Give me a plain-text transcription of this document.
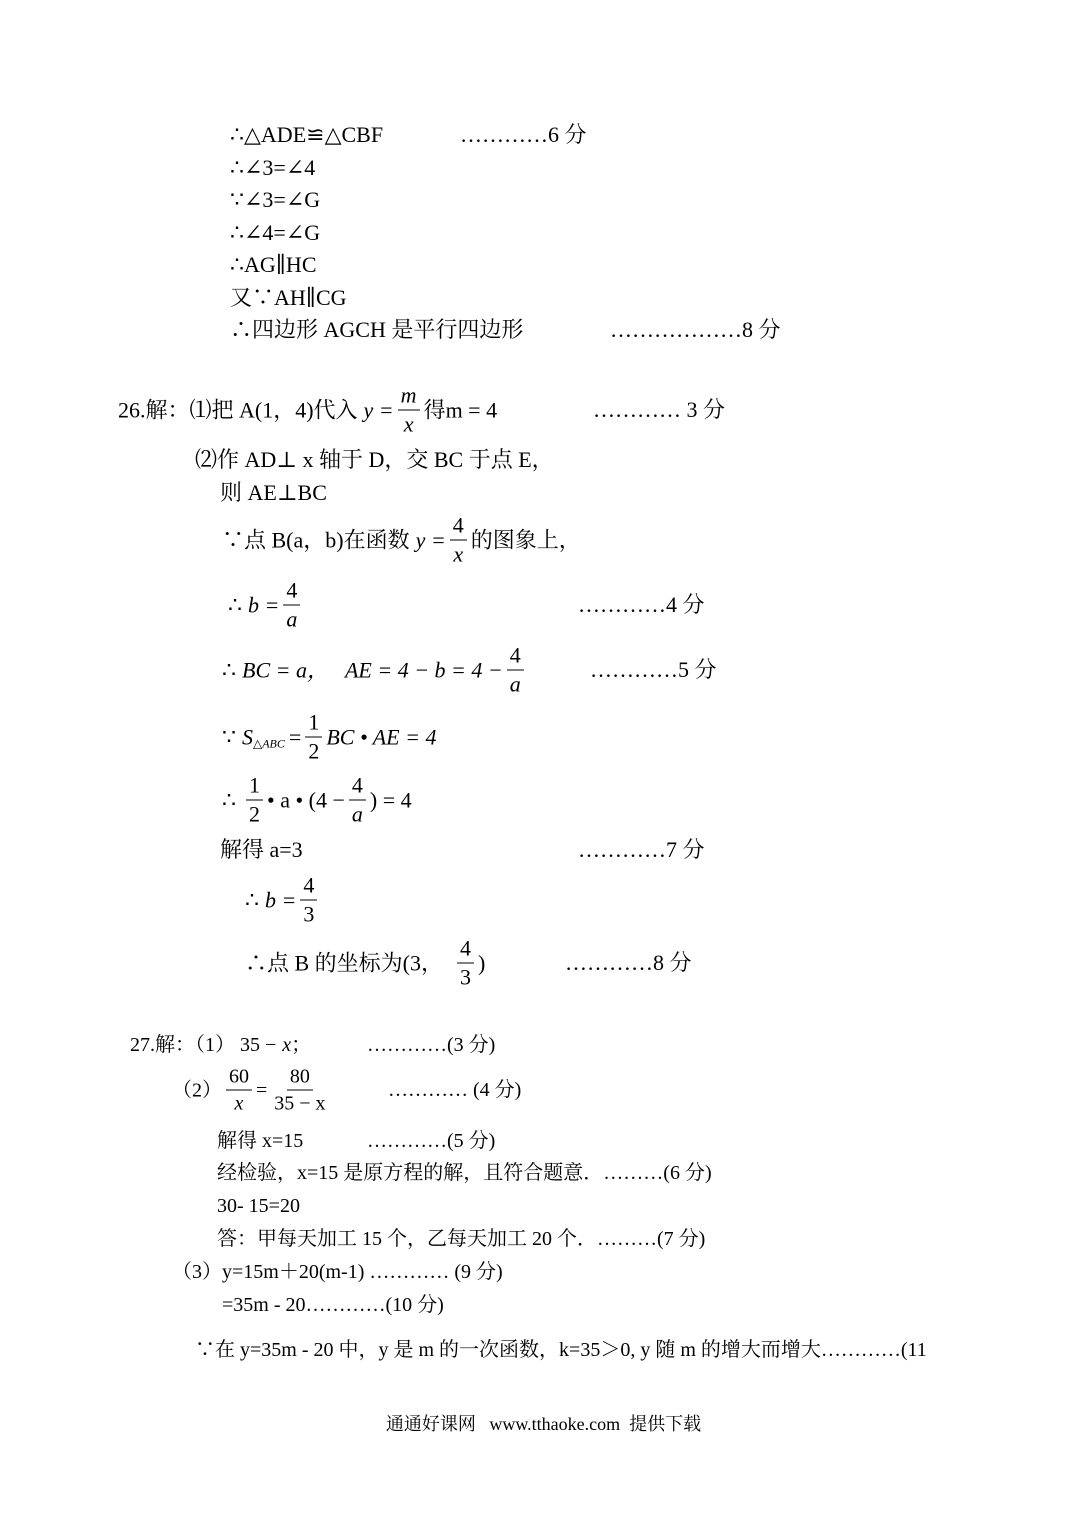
∴△ADE≌△CBF	…………6 分
∴∠3=∠4
∵∠3=∠G
∴∠4=∠G
∴AG∥HC
又∵AH∥CG
∴四边形 AGCH 是平行四边形	………………8 分
26.解：⑴把 A(1，4)代入 $y = \frac{m}{x}$ 得m = 4	………… 3 分
⑵作 AD⊥ x 轴于 D，交 BC 于点 E，
则 AE⊥BC
∵点 B(a，b)在函数 $y = \frac{4}{x}$ 的图象上，
∴ $b = \frac{4}{a}$	…………4 分
∴ BC = a， AE = $4 - b = 4 - \frac{4}{a}$	…………5 分
∵ S △ABC = $\frac{1}{2}$ BC • AE = 4
∴ $\frac{1}{2}$ • a • ($4 - \frac{4}{a}$ ) = 4
解得 a=3	…………7 分
∴ $b = \frac{4}{3}$
∴点 B 的坐标为(3， $\frac{4}{3}$ )	…………8 分
27.解：（1） 35 − x ；	…………(3 分)
$(2) \frac{60}{x} = \frac{80}{35 - x}$	………… (4 分)
解得 x=15	…………(5 分)
经检验，x=15 是原方程的解，且符合题意．………(6 分)
30- 15=20
答：甲每天加工 15 个，乙每天加工 20 个．………(7 分)
（3）y=15m＋20(m-1) ………… (9 分)
=35m - 20…………(10 分)
∵在 y=35m - 20 中，y 是 m 的一次函数，k=35＞0, y 随 m 的增大而增大…………(11
通通好课网   www.tthaoke.com  提供下载
